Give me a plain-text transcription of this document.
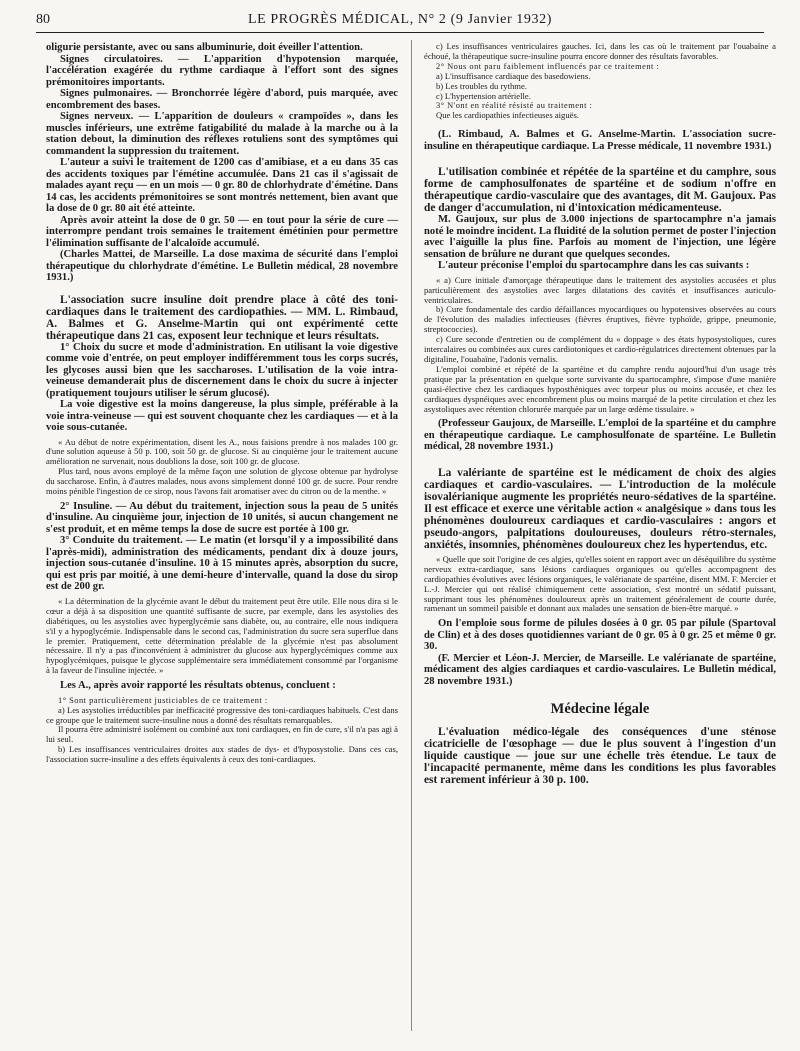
80	LE PROGRÈS MÉDICAL, N° 2 (9 Janvier 1932)

oligurie persistante, avec ou sans albuminurie, doit éveiller l'attention.

Signes circulatoires. — L'apparition d'hypotension marquée, l'accélération exagérée du rythme cardiaque à l'effort sont des signes prémonitoires importants.

Signes pulmonaires. — Bronchorrée légère d'abord, puis marquée, avec encombrement des bases.

Signes nerveux. — L'apparition de douleurs « crampoïdes », dans les muscles inférieurs, une extrême fatigabilité du malade à la marche ou à la station debout, la diminution des réflexes rotuliens sont des symptômes qui commandent la suppression du traitement.

L'auteur a suivi le traitement de 1200 cas d'amibiase, et a eu dans 35 cas des accidents toxiques par l'émétine accumulée. Dans 21 cas il s'agissait de malades ayant reçu — en un mois — 0 gr. 80 de chlorhydrate d'émétine. Dans 14 cas, les accidents prémonitoires se sont montrés nettement, bien avant que la dose de 0 gr. 80 ait été atteinte.

Après avoir atteint la dose de 0 gr. 50 — en tout pour la série de cure — interrompre pendant trois semaines le traitement émétinien pour permettre l'élimination suffisante de l'alcaloïde accumulé.

(Charles Mattei, de Marseille. La dose maxima de sécurité dans l'emploi thérapeutique du chlorhydrate d'émétine. Le Bulletin médical, 28 novembre 1931.)

L'association sucre insuline doit prendre place à côté des toni-cardiaques dans le traitement des cardiopathies. — MM. L. Rimbaud, A. Balmes et G. Anselme-Martin qui ont expérimenté cette thérapeutique dans 21 cas, exposent leur technique et leurs résultats.

1° Choix du sucre et mode d'administration. En utilisant la voie digestive comme voie d'entrée, on peut employer indifféremment tous les corps sucrés, les glycoses aussi bien que les saccharoses. L'utilisation de la voie intra-veineuse demanderait plus de discernement dans le choix du sucre à injecter (pratiquement toujours utiliser le sérum glucosé).

La voie digestive est la moins dangereuse, la plus simple, préférable à la voie intra-veineuse — qui est souvent choquante chez les cardiaques — et à la voie sous-cutanée.

« Au début de notre expérimentation, disent les A., nous faisions prendre à nos malades 100 gr. d'une solution aqueuse à 50 p. 100, soit 50 gr. de glucose. Si au cinquième jour le traitement aucune amélioration ne survenait, nous doublions la dose, soit 100 gr. de glucose.

Plus tard, nous avons employé de la même façon une solution de glycose obtenue par hydrolyse du saccharose. Enfin, à d'autres malades, nous avons simplement donné 100 gr. de sucre. Pour rendre moins pénible l'ingestion de ce sirop, nous l'avons fait aromatiser avec du citron ou de la menthe. »

2° Insuline. — Au début du traitement, injection sous la peau de 5 unités d'insuline. Au cinquième jour, injection de 10 unités, si aucun changement ne s'est produit, et en même temps la dose de sucre est portée à 100 gr.

3° Conduite du traitement. — Le matin (et lorsqu'il y a impossibilité dans l'après-midi), administration des médicaments, pendant dix à douze jours, injection sous-cutanée d'insuline. 10 à 15 minutes après, absorption du sucre, qui est pris par moitié, à une demi-heure d'intervalle, quand la dose du sirop est de 200 gr.

« La détermination de la glycémie avant le début du traitement peut être utile. Elle nous dira si le cœur a déjà à sa disposition une quantité suffisante de sucre, par exemple, dans les asystolies des diabétiques, ou les asystolies avec hyperglycémie sans diabète, ou, au contraire, elle nous indiquera s'il y a hypoglycémie. Indispensable dans le second cas, l'administration du sucre sera superflue dans le premier. Pratiquement, cette détermination préalable de la glycémie n'est pas absolument nécessaire. Il n'y a pas d'inconvénient à administrer du glucose aux hyperglycémiques comme aux hypoglycémiques, puisque le glycose supplémentaire sera immédiatement consommé par l'organisme à la faveur de l'insuline injectée. »

Les A., après avoir rapporté les résultats obtenus, concluent :

1° Sont particulièrement justiciables de ce traitement :

a) Les asystolies irréductibles par inefficacité progressive des toni-cardiaques habituels. C'est dans ce groupe que le traitement sucre-insuline nous a donné des résultats remarquables.

Il pourra être administré isolément ou combiné aux toni cardiaques, en fin de cure, s'il n'a pas agi à lui seul.

b) Les insuffisances ventriculaires droites aux stades de dys- et d'hyposystolie. Dans ces cas, l'association sucre-insuline a des effets équivalents à ceux des toni-cardiaques.

c) Les insuffisances ventriculaires gauches. Ici, dans les cas où le traitement par l'ouabaïne a échoué, la thérapeutique sucre-insuline pourra encore donner des résultats favorables.

2° Nous ont paru faiblement influencés par ce traitement :

a) L'insuffisance cardiaque des basedowiens.

b) Les troubles du rythme.

c) L'hypertension artérielle.

3° N'ont en réalité résisté au traitement :

Que les cardiopathies infectieuses aiguës.

(L. Rimbaud, A. Balmes et G. Anselme-Martin. L'association sucre-insuline en thérapeutique cardiaque. La Presse médicale, 11 novembre 1931.)

L'utilisation combinée et répétée de la spartéine et du camphre, sous forme de camphosulfonates de spartéine et de sodium n'offre en thérapeutique cardio-vasculaire que des avantages, dit M. Gaujoux. Pas de danger d'accumulation, ni d'intoxication médicamenteuse.

M. Gaujoux, sur plus de 3.000 injections de spartocamphre n'a jamais noté le moindre incident. La fluidité de la solution permet de poster l'injection avec l'aiguille la plus fine. Parfois au moment de l'injection, une légère sensation de brûlure ne durant que quelques secondes.

L'auteur préconise l'emploi du spartocamphre dans les cas suivants :

« a) Cure initiale d'amorçage thérapeutique dans le traitement des asystolies accusées et plus particulièrement des asystolies avec larges dilatations des cavités et insuffisances auriculo-ventriculaires.

b) Cure fondamentale des cardio défaillances myocardiques ou hypotensives observées au cours de l'évolution des maladies infectieuses (fièvres éruptives, fièvre typhoïde, grippe, pneumonie, streptococcies).

c) Cure seconde d'entretien ou de complément du « doppage » des états hyposystoliques, cures intercalaires ou combinées aux cures cardiotoniques et cardio-régulatrices directement obtenues par la digitaline, l'ouabaïne, l'adonis vernalis.

L'emploi combiné et répété de la spartéine et du camphre rendu aujourd'hui d'un usage très pratique par la présentation en quelque sorte survivante du spartocamphre, s'impose d'une manière quasi-élective chez les cardiaques hyposthéniques avec torpeur plus ou moins accusée, et chez les cardiaques dyspnéiques avec encombrement plus ou moins marqué de la petite circulation et chez les asystoliques avec rétention chlorurée marquée par un large œdème tissulaire. »

(Professeur Gaujoux, de Marseille. L'emploi de la spartéine et du camphre en thérapeutique cardiaque. Le camphosulfonate de spartéine. Le Bulletin médical, 28 novembre 1931.)

La valériante de spartéine est le médicament de choix des algies cardiaques et cardio-vasculaires. — L'introduction de la molécule isovalérianique augmente les propriétés neuro-sédatives de la spartéine. Il est efficace et exerce une véritable action « analgésique » dans tous les phénomènes douloureux cardiaques et cardio-vasculaires : angors et pseudo-angors, palpitations douloureuses, douleurs rétro-sternales, anxiétés, insomnies, phénomènes douloureux chez les hypertendus, etc.

« Quelle que soit l'origine de ces algies, qu'elles soient en rapport avec un déséquilibre du système nerveux extra-cardiaque, sans lésions cardiaques organiques ou qu'elles accompagnent des cardiopathies évolutives avec lésions organiques, le valérianate de spartéine, disent MM. F. Mercier et L.-J. Mercier qui ont réalisé chimiquement cette association, s'est montré un sédatif puissant, supprimant tous les phénomènes douloureux après un traitement généralement de courte durée, ramenant un sommeil paisible et donnant aux malades une sensation de bien-être marqué. »

On l'emploie sous forme de pilules dosées à 0 gr. 05 par pilule (Spartoval de Clin) et à des doses quotidiennes variant de 0 gr. 05 à 0 gr. 25 et même 0 gr. 30.

(F. Mercier et Léon-J. Mercier, de Marseille. Le valérianate de spartéine, médicament des algies cardiaques et cardio-vasculaires. Le Bulletin médical, 28 novembre 1931.)

Médecine légale

L'évaluation médico-légale des conséquences d'une sténose cicatricielle de l'œsophage — due le plus souvent à l'ingestion d'un liquide caustique — joue sur une échelle très étendue. Le taux de l'incapacité permanente, même dans les conditions les plus favorables est rarement inférieur à 30 p. 100.
